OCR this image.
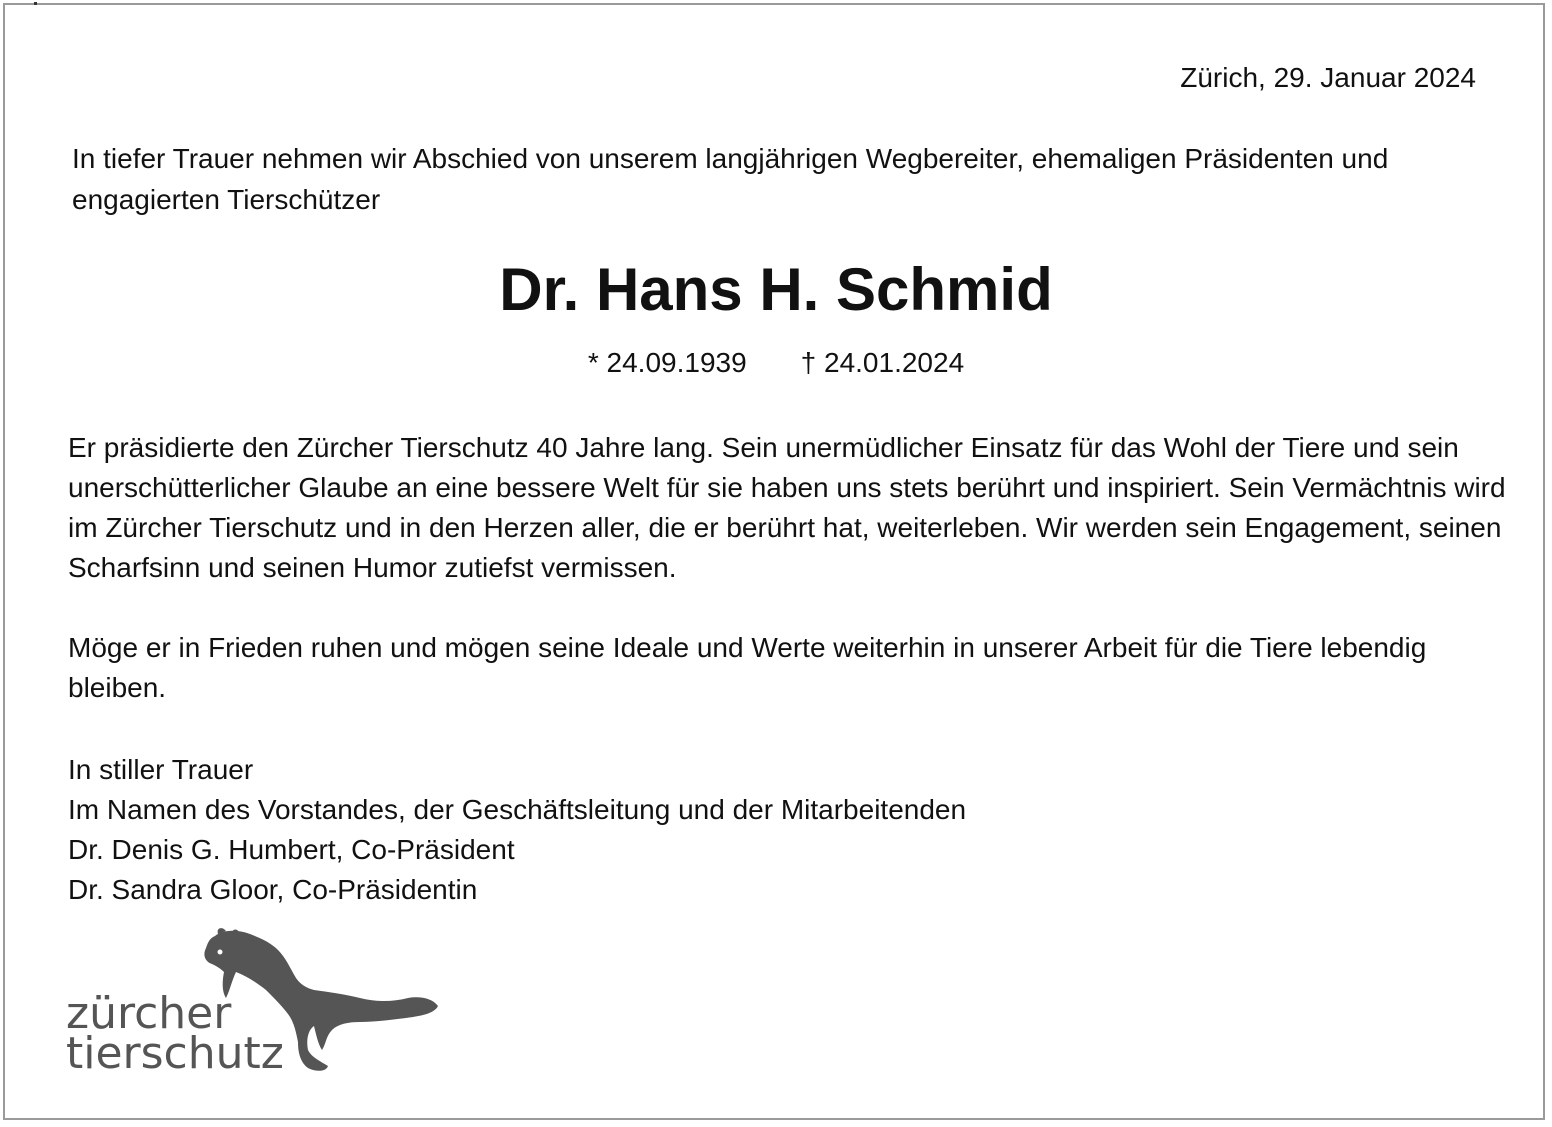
Zürich, 29. Januar 2024

In tiefer Trauer nehmen wir Abschied von unserem langjährigen Wegbereiter, ehemaligen Präsidenten und engagierten Tierschützer

Dr. Hans H. Schmid
* 24.09.1939 † 24.01.2024

Er präsidierte den Zürcher Tierschutz 40 Jahre lang. Sein unermüdlicher Einsatz für das Wohl der Tiere und sein unerschütterlicher Glaube an eine bessere Welt für sie haben uns stets berührt und inspiriert. Sein Vermächtnis wird im Zürcher Tierschutz und in den Herzen aller, die er berührt hat, weiterleben. Wir werden sein Engagement, seinen Scharfsinn und seinen Humor zutiefst vermissen.

Möge er in Frieden ruhen und mögen seine Ideale und Werte weiterhin in unserer Arbeit für die Tiere lebendig bleiben.

In stiller Trauer
Im Namen des Vorstandes, der Geschäftsleitung und der Mitarbeitenden
Dr. Denis G. Humbert, Co-Präsident
Dr. Sandra Gloor, Co-Präsidentin
zürcher
tierschutz
